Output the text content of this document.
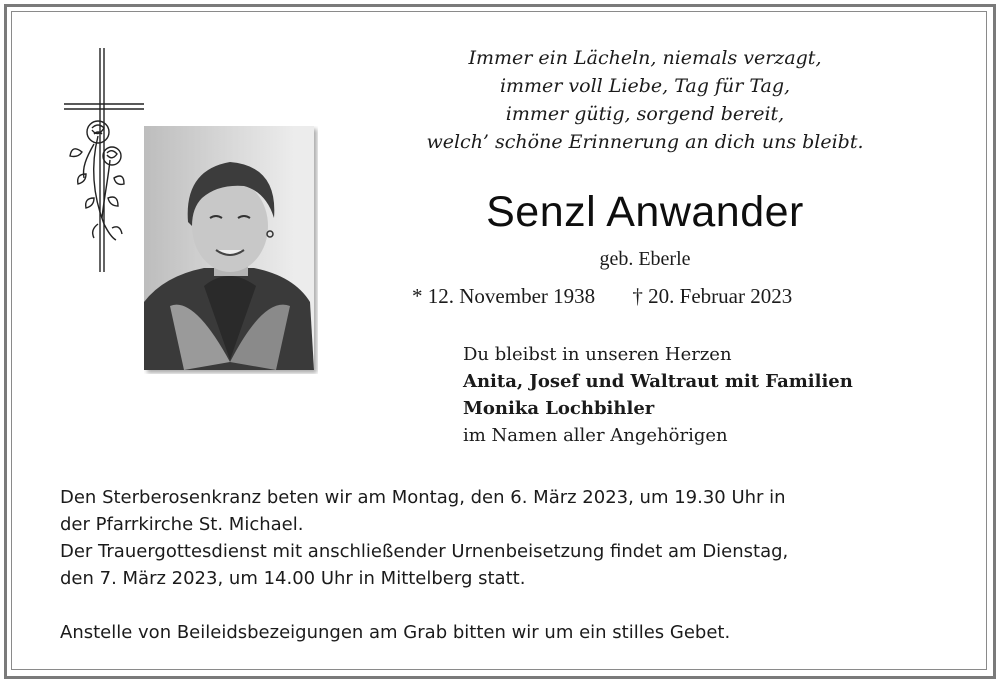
Immer ein Lächeln, niemals verzagt,
immer voll Liebe, Tag für Tag,
immer gütig, sorgend bereit,
welch’ schöne Erinnerung an dich uns bleibt.
Senzl Anwander
geb. Eberle
* 12. November 1938 † 20. Februar 2023
Du bleibst in unseren Herzen
Anita, Josef und Waltraut mit Familien
Monika Lochbihler
im Namen aller Angehörigen
Den Sterberosenkranz beten wir am Montag, den 6. März 2023, um 19.30 Uhr in
der Pfarrkirche St. Michael.
Der Trauergottesdienst mit anschließender Urnenbeisetzung findet am Dienstag,
den 7. März 2023, um 14.00 Uhr in Mittelberg statt.
Anstelle von Beileidsbezeigungen am Grab bitten wir um ein stilles Gebet.
